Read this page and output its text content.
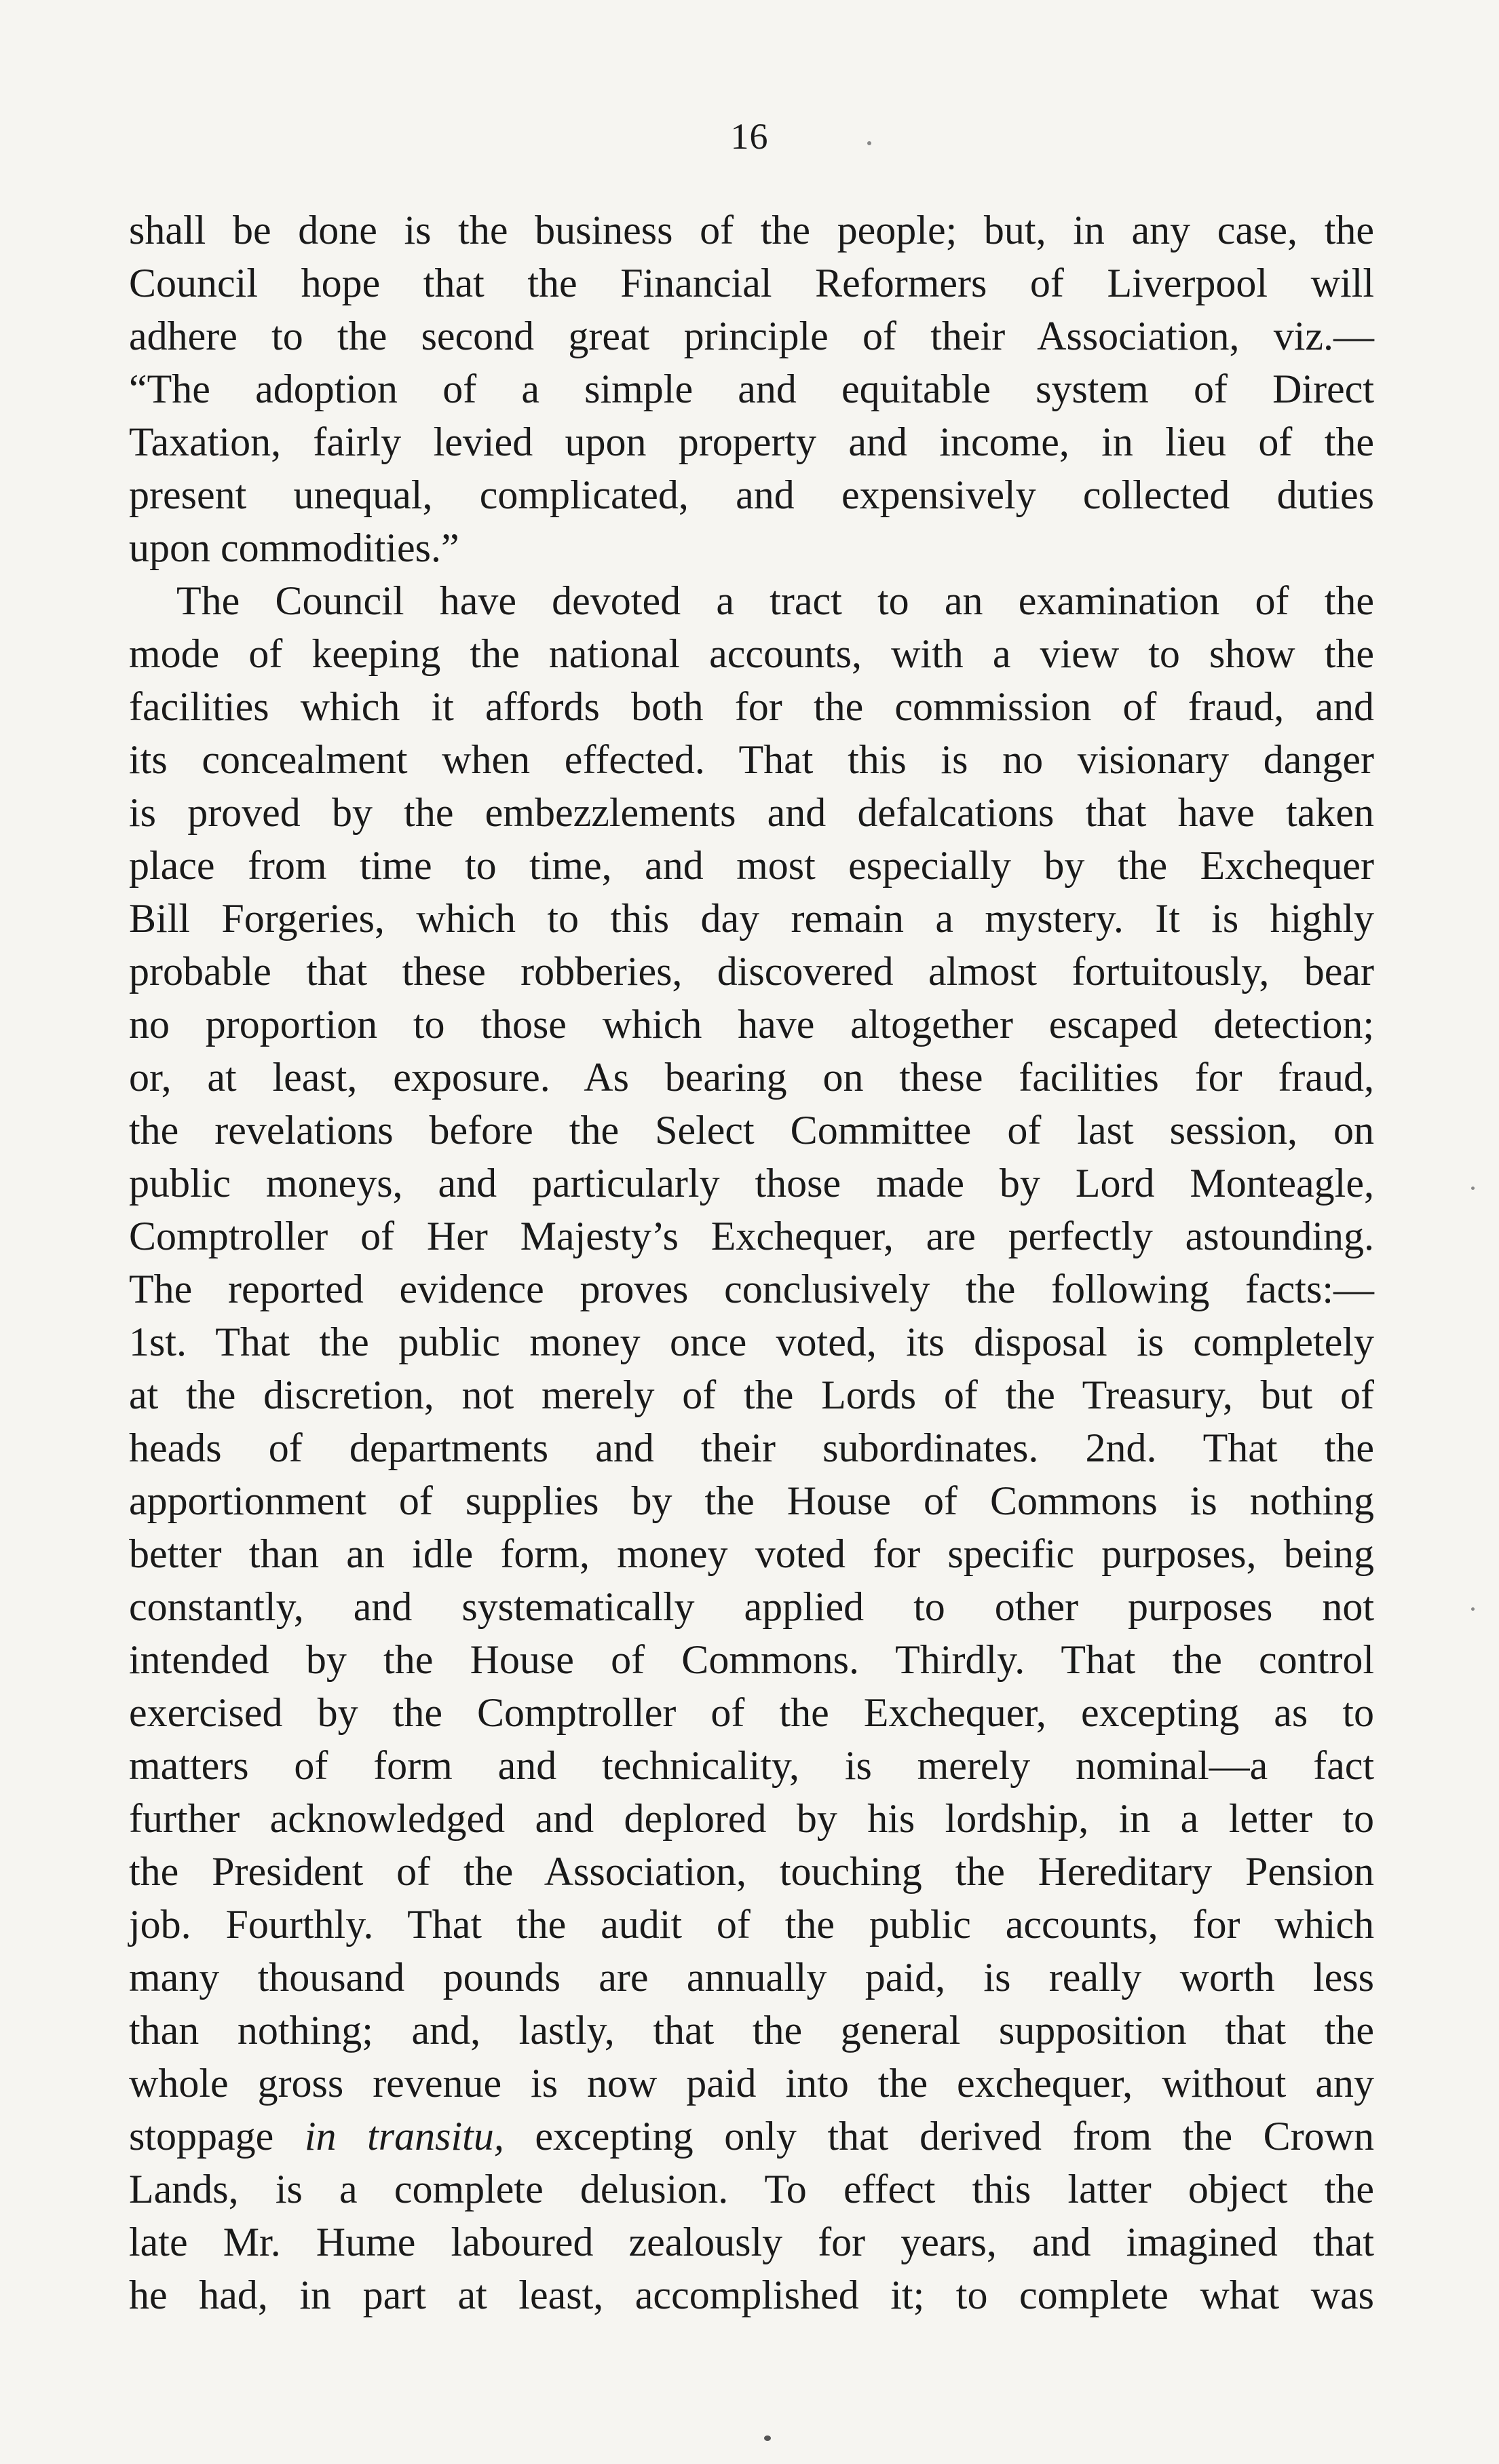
16

shall be done is the business of the people; but, in any case, the

Council hope that the Financial Reformers of Liverpool will

adhere to the second great principle of their Association, viz.—

“The adoption of a simple and equitable system of Direct

Taxation, fairly levied upon property and income, in lieu of the

present unequal, complicated, and expensively collected duties

upon commodities.”

The Council have devoted a tract to an examination of the

mode of keeping the national accounts, with a view to show the

facilities which it affords both for the commission of fraud, and

its concealment when effected. That this is no visionary danger

is proved by the embezzlements and defalcations that have taken

place from time to time, and most especially by the Exchequer

Bill Forgeries, which to this day remain a mystery. It is highly

probable that these robberies, discovered almost fortuitously, bear

no proportion to those which have altogether escaped detection;

or, at least, exposure. As bearing on these facilities for fraud,

the revelations before the Select Committee of last session, on

public moneys, and particularly those made by Lord Monteagle,

Comptroller of Her Majesty’s Exchequer, are perfectly astounding.

The reported evidence proves conclusively the following facts:—

1st. That the public money once voted, its disposal is completely

at the discretion, not merely of the Lords of the Treasury, but of

heads of departments and their subordinates. 2nd. That the

apportionment of supplies by the House of Commons is nothing

better than an idle form, money voted for specific purposes, being

constantly, and systematically applied to other purposes not

intended by the House of Commons. Thirdly. That the control

exercised by the Comptroller of the Exchequer, excepting as to

matters of form and technicality, is merely nominal—a fact

further acknowledged and deplored by his lordship, in a letter to

the President of the Association, touching the Hereditary Pension

job. Fourthly. That the audit of the public accounts, for which

many thousand pounds are annually paid, is really worth less

than nothing; and, lastly, that the general supposition that the

whole gross revenue is now paid into the exchequer, without any

stoppage in transitu, excepting only that derived from the Crown

Lands, is a complete delusion. To effect this latter object the

late Mr. Hume laboured zealously for years, and imagined that

he had, in part at least, accomplished it; to complete what was
